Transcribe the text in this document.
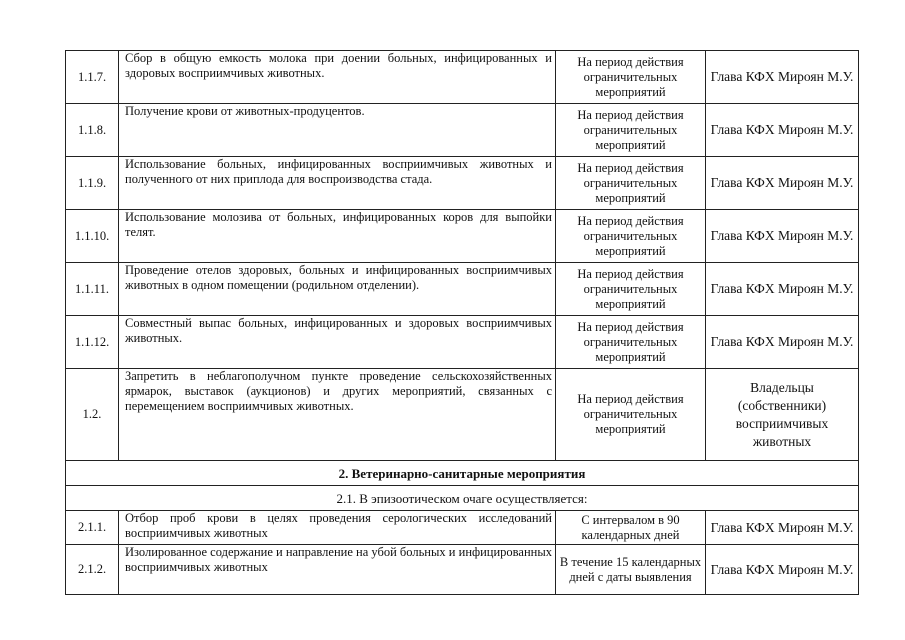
1.1.7.	Сбор в общую емкость молока при доении больных, инфицированных и здоровых восприимчивых животных.	На период действия ограничительных мероприятий	Глава КФХ Мироян М.У.
1.1.8.	Получение крови от животных-продуцентов.	На период действия ограничительных мероприятий	Глава КФХ Мироян М.У.
1.1.9.	Использование больных, инфицированных восприимчивых животных и полученного от них приплода для воспроизводства стада.	На период действия ограничительных мероприятий	Глава КФХ Мироян М.У.
1.1.10.	Использование молозива от больных, инфицированных коров для выпойки телят.	На период действия ограничительных мероприятий	Глава КФХ Мироян М.У.
1.1.11.	Проведение отелов здоровых, больных и инфицированных восприимчивых животных в одном помещении (родильном отделении).	На период действия ограничительных мероприятий	Глава КФХ Мироян М.У.
1.1.12.	Совместный выпас больных, инфицированных и здоровых восприимчивых животных.	На период действия ограничительных мероприятий	Глава КФХ Мироян М.У.
1.2.	Запретить в неблагополучном пункте проведение сельскохозяйственных ярмарок, выставок (аукционов) и других мероприятий, связанных с перемещением восприимчивых животных.	На период действия ограничительных мероприятий	Владельцы (собственники) восприимчивых животных
2. Ветеринарно-санитарные мероприятия			
2.1. В эпизоотическом очаге осуществляется:			
2.1.1.	Отбор проб крови в целях проведения серологических исследований восприимчивых животных	С интервалом в 90 календарных дней	Глава КФХ Мироян М.У.
2.1.2.	Изолированное содержание и направление на убой больных и инфицированных восприимчивых животных	В течение 15 календарных дней с даты выявления	Глава КФХ Мироян М.У.
